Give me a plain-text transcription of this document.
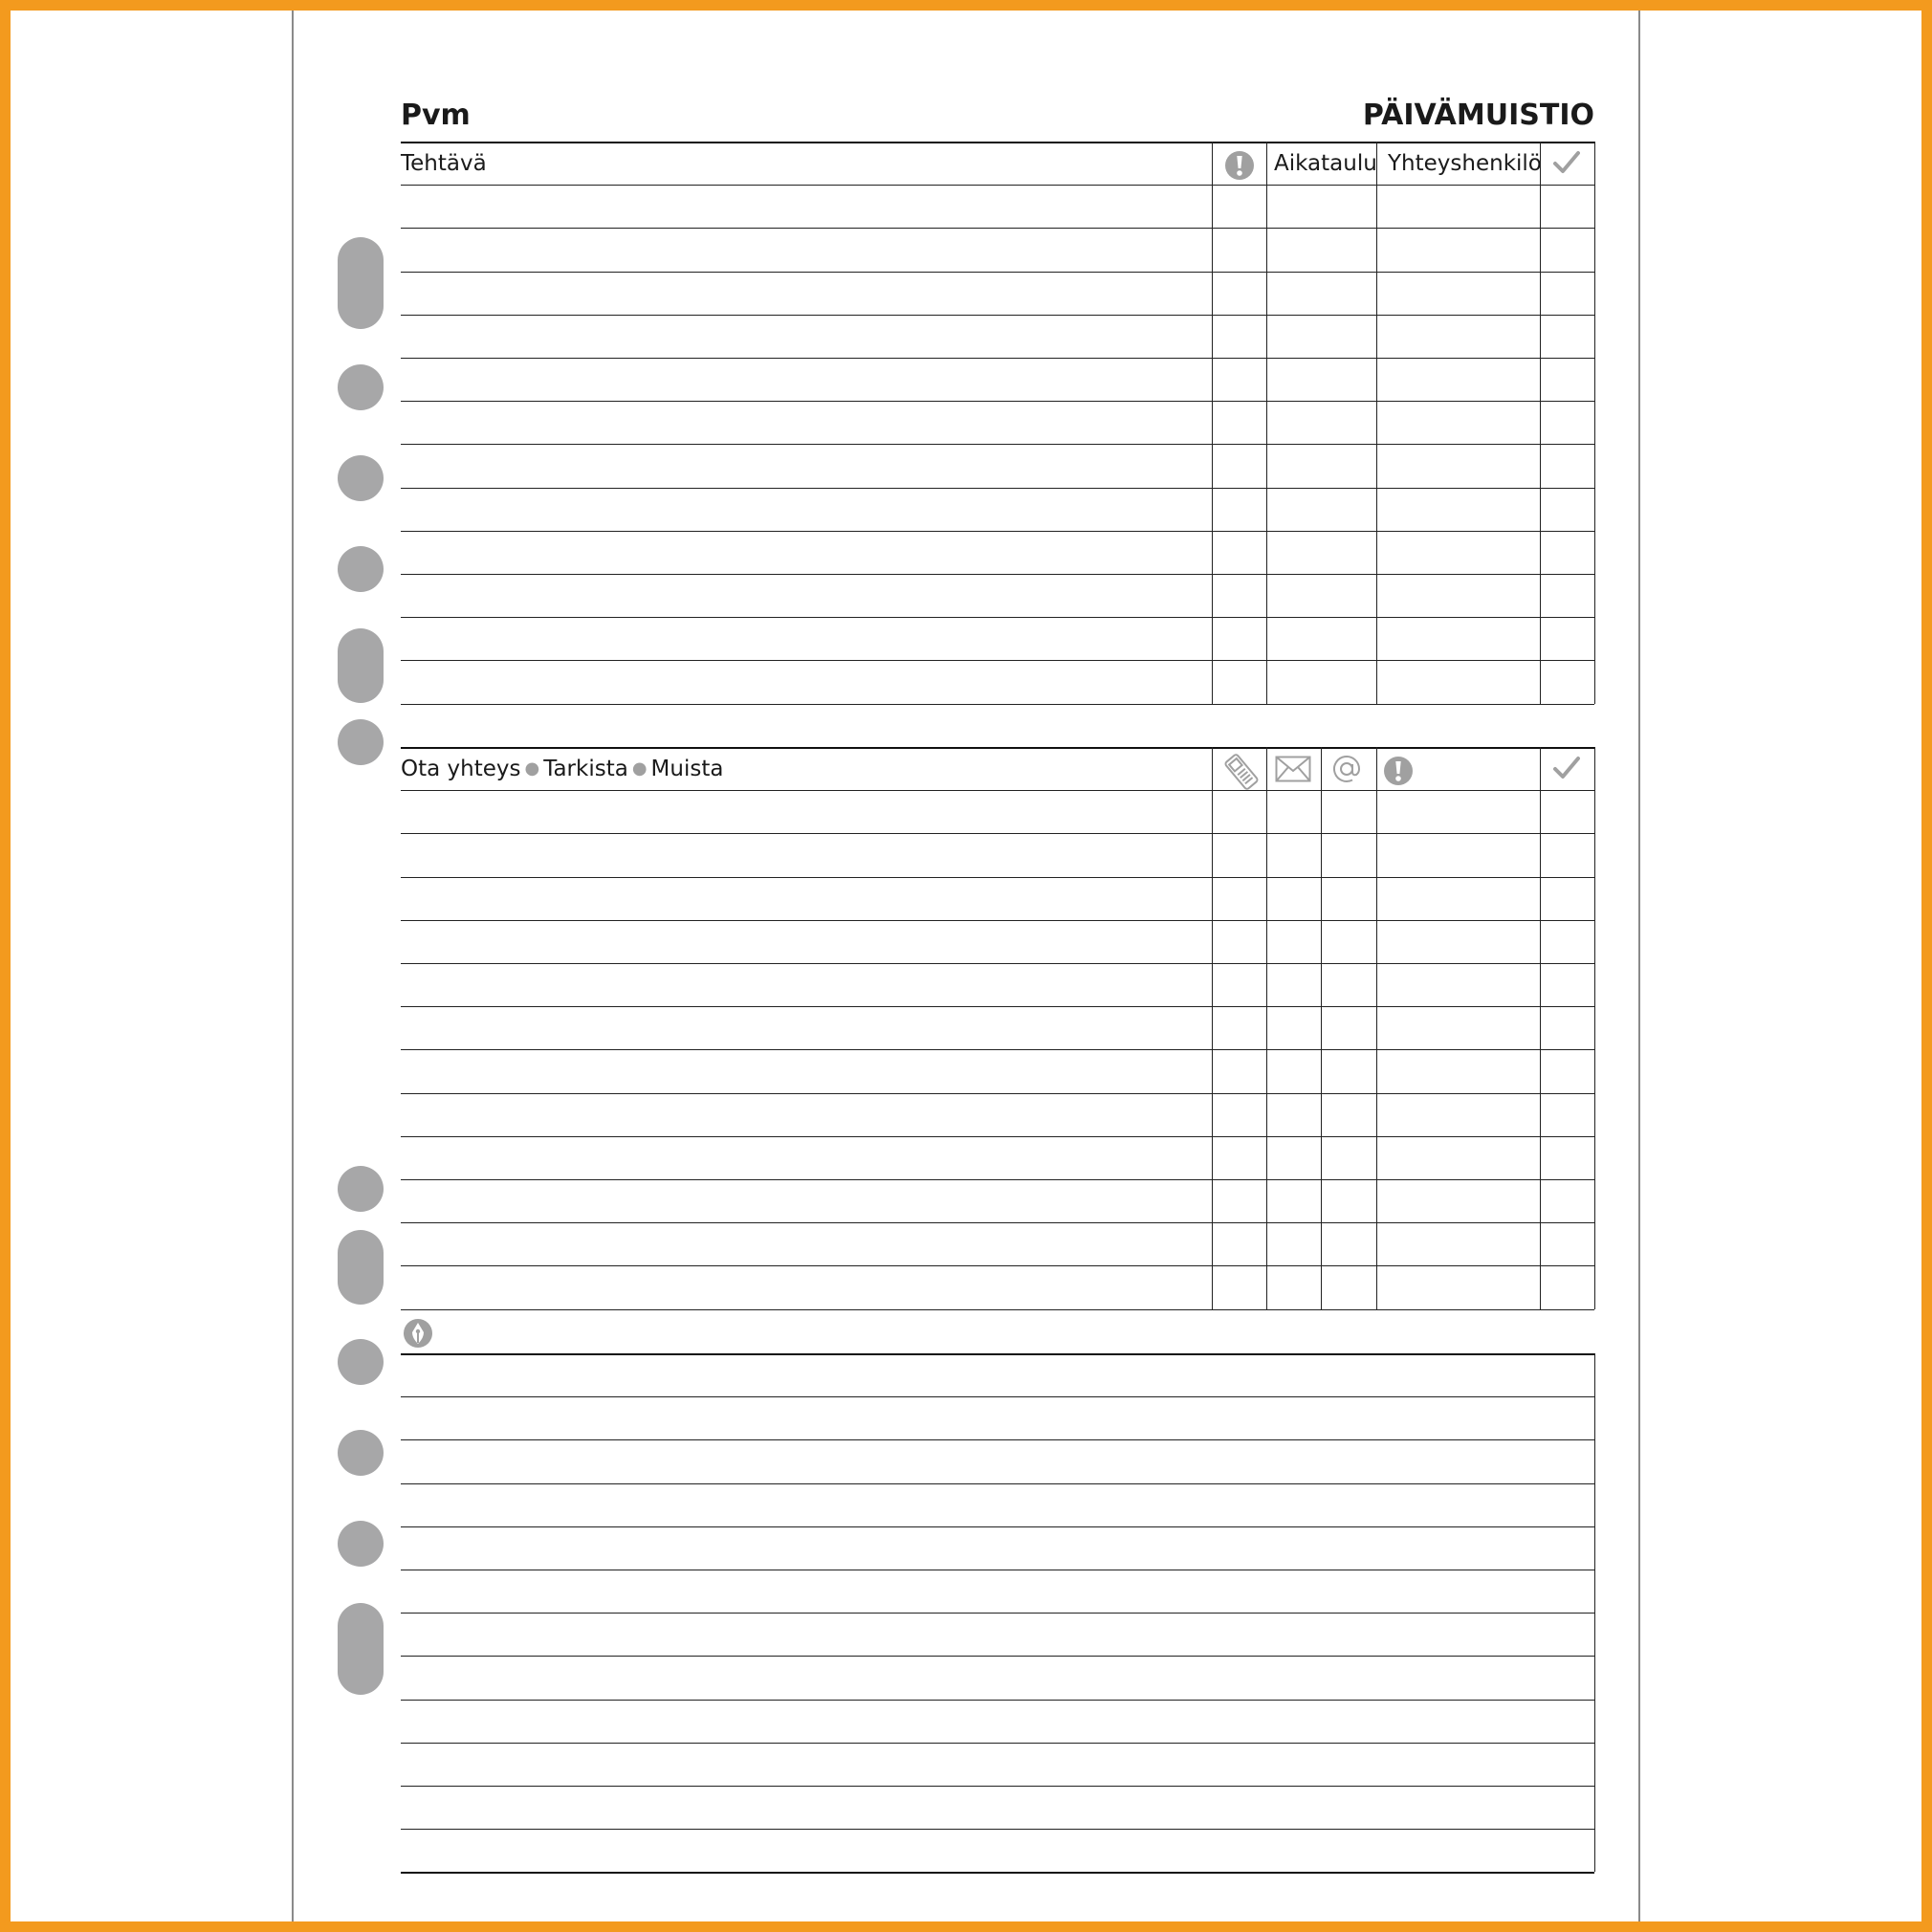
Pvm	PÄIVÄMUISTIO
Tehtävä	Aikataulu Yhteyshenkilö
Ota yhteys ● Tarkista ● Muista
